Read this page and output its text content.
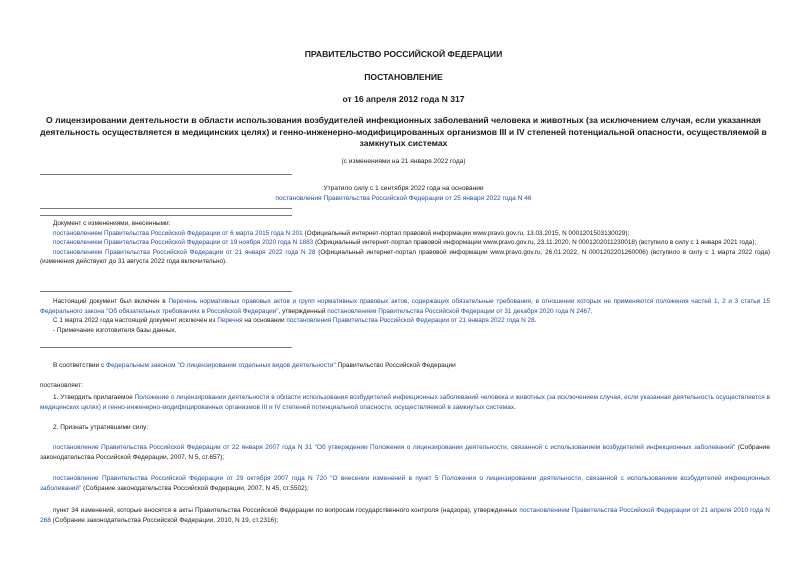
ПРАВИТЕЛЬСТВО РОССИЙСКОЙ ФЕДЕРАЦИИ
ПОСТАНОВЛЕНИЕ
от 16 апреля 2012 года N 317
О лицензировании деятельности в области использования возбудителей инфекционных заболеваний человека и животных (за исключением случая, если указанная деятельность осуществляется в медицинских целях) и генно-инженерно-модифицированных организмов III и IV степеней потенциальной опасности, осуществляемой в замкнутых системах
(с изменениями на 21 января 2022 года)
Утратило силу с 1 сентября 2022 года на основании
постановления Правительства Российской Федерации от 25 января 2022 года N 46
Документ с изменениями, внесенными:
постановлением Правительства Российской Федерации от 6 марта 2015 года N 201 (Официальный интернет-портал правовой информации www.pravo.gov.ru, 13.03.2015, N 0001201503130029);
постановлением Правительства Российской Федерации от 19 ноября 2020 года N 1883 (Официальный интернет-портал правовой информации www.pravo.gov.ru, 23.11.2020, N 0001202011230018) (вступило в силу с 1 января 2021 года);
постановлением Правительства Российской Федерации от 21 января 2022 года N 28 (Официальный интернет-портал правовой информации www.pravo.gov.ru, 26.01.2022, N 0001202201260006) (вступило в силу с 1 марта 2022 года) (изменения действуют до 31 августа 2022 года включительно).
Настоящий документ был включен в Перечень нормативных правовых актов и групп нормативных правовых актов, содержащих обязательные требования, в отношении которых не применяются положения частей 1, 2 и 3 статьи 15 Федерального закона "Об обязательных требованиях в Российской Федерации", утвержденный постановлением Правительства Российской Федерации от 31 декабря 2020 года N 2467.
С 1 марта 2022 года настоящий документ исключен из Перечня на основании постановления Правительства Российской Федерации от 21 января 2022 года N 28.
- Примечание изготовителя базы данных.
В соответствии с Федеральным законом "О лицензировании отдельных видов деятельности" Правительство Российской Федерации
постановляет:
1. Утвердить прилагаемое Положение о лицензировании деятельности в области использования возбудителей инфекционных заболеваний человека и животных (за исключением случая, если указанная деятельность осуществляется в медицинских целях) и генно-инженерно-модифицированных организмов III и IV степеней потенциальной опасности, осуществляемой в замкнутых системах.
2. Признать утратившими силу:
постановление Правительства Российской Федерации от 22 января 2007 года N 31 "Об утверждении Положения о лицензировании деятельности, связанной с использованием возбудителей инфекционных заболеваний" (Собрание законодательства Российской Федерации, 2007, N 5, ст.657);
постановление Правительства Российской Федерации от 29 октября 2007 года N 720 "О внесении изменений в пункт 5 Положения о лицензировании деятельности, связанной с использованием возбудителей инфекционных заболеваний" (Собрание законодательства Российской Федерации, 2007, N 45, ст.5502);
пункт 34 изменений, которые вносятся в акты Правительства Российской Федерации по вопросам государственного контроля (надзора), утвержденных постановлением Правительства Российской Федерации от 21 апреля 2010 года N 268 (Собрание законодательства Российской Федерации, 2010, N 19, ст.2316);
